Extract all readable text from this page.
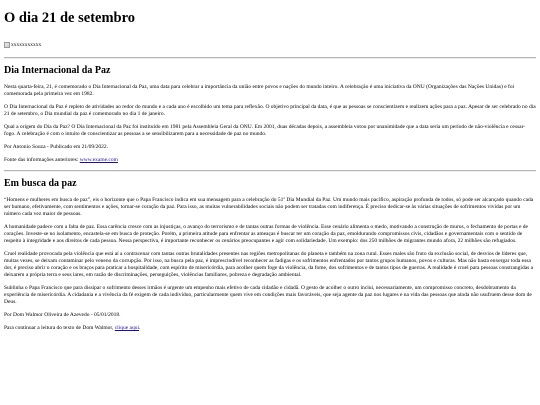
O dia 21 de setembro
xxxxxxxxxxx
Dia Internacional da Paz

Nesta quarta-feira, 21, é comemorado o Dia Internacional da Paz, uma data para celebrar a importância da união entre povos e nações do mundo inteiro. A celebração é uma iniciativa da ONU (Organizações das Nações Unidas) e foi comemorada pela primeira vez em 1982.

O Dia Internacional da Paz é repleto de atividades ao redor do mundo e a cada ano é escolhido um tema para reflexão. O objetivo principal da data, é que as pessoas se conscientizem e realizem ações para a paz. Apesar de ser celebrado no dia 21 de setembro, o Dia mundial da paz é comemorado no dia 1 de janeiro.

Qual a origem do Dia da Paz? O Dia Internacional da Paz foi instituído em 1981 pela Assembleia Geral da ONU. Em 2001, duas décadas depois, a assembleia votou por unanimidade que a data seria um período de não-violência e cessar-fogo. A celebração é com o intuito de conscientizar as pessoas a se sensibilizarem para a necessidade de paz no mundo.

Por Antonio Souza - Publicado em 21/09/2022.

Fonte das informações anteriores: www.exame.com

Em busca da paz

“Homens e mulheres em busca de paz”, eis o horizonte que o Papa Francisco indica em sua mensagem para a celebração do 51º Dia Mundial da Paz. Um mundo mais pacífico, aspiração profunda de todos, só pode ser alcançado quando cada ser humano, efetivamente, com sentimentos e ações, tornar-se coração da paz. Para isso, as muitas vulnerabilidades sociais não podem ser tratadas com indiferença. É preciso dedicar-se às várias situações de sofrimentos vividas por um número cada vez maior de pessoas.

A humanidade padece com a falta de paz. Essa carência cresce com as injustiças, o avanço do terrorismo e de tantas outras formas de violência. Esse cenário alimenta o medo, motivando a construção de muros, o fechamento de portas e de corações. Investe-se no isolamento, encastela-se em busca de proteção. Porém, a primeira atitude para enfrentar as ameaças é buscar ter um coração da paz, emoldurando compromissos civis, cidadãos e governamentais com o sentido de respeito à integridade e aos direitos de cada pessoa. Nessa perspectiva, é importante reconhecer os cenários preocupantes e agir com solidariedade. Um exemplo: dos 250 milhões de migrantes mundo afora, 22 milhões são refugiados.

Cruel realidade provocada pela violência que está aí a contracenar com tantas outras brutalidades presentes nas regiões metropolitanas do planeta e também na zona rural. Esses males são fruto da exclusão social, de desvios de líderes que, muitas vezes, se deixam contaminar pelo veneno da corrupção. Por isso, na busca pela paz, é imprescindível reconhecer as fadigas e os sofrimentos enfrentados por tantos grupos humanos, povos e culturas. Mas não basta enxergar toda essa dor, é preciso abrir o coração e os braços para praticar a hospitalidade, com espírito de misericórdia, para acolher quem foge da violência, da fome, dos sofrimentos e de tantos tipos de guerras. A realidade é cruel para pessoas constrangidas a deixarem a própria terra e seus lares, em razão de discriminações, perseguições, violências familiares, pobreza e degradação ambiental.

Sublinha o Papa Francisco que para dissipar o sofrimento desses irmãos é urgente um empenho mais efetivo de cada cidadão e cidadã. O gesto de acolher o outro inclui, necessariamente, um compromisso concreto, desdobramento da experiência de misericórdia. A cidadania e a vivência da fé exigem de cada indivíduo, particularmente quem vive em condições mais favoráveis, que seja agente da paz nos lugares e na vida das pessoas que ainda não usufruem desse dom de Deus.

Por Dom Walmor Oliveira de Azevedo - 05/01/2018.

Para continuar a leitura do texto de Dom Walmor, clique aqui.
